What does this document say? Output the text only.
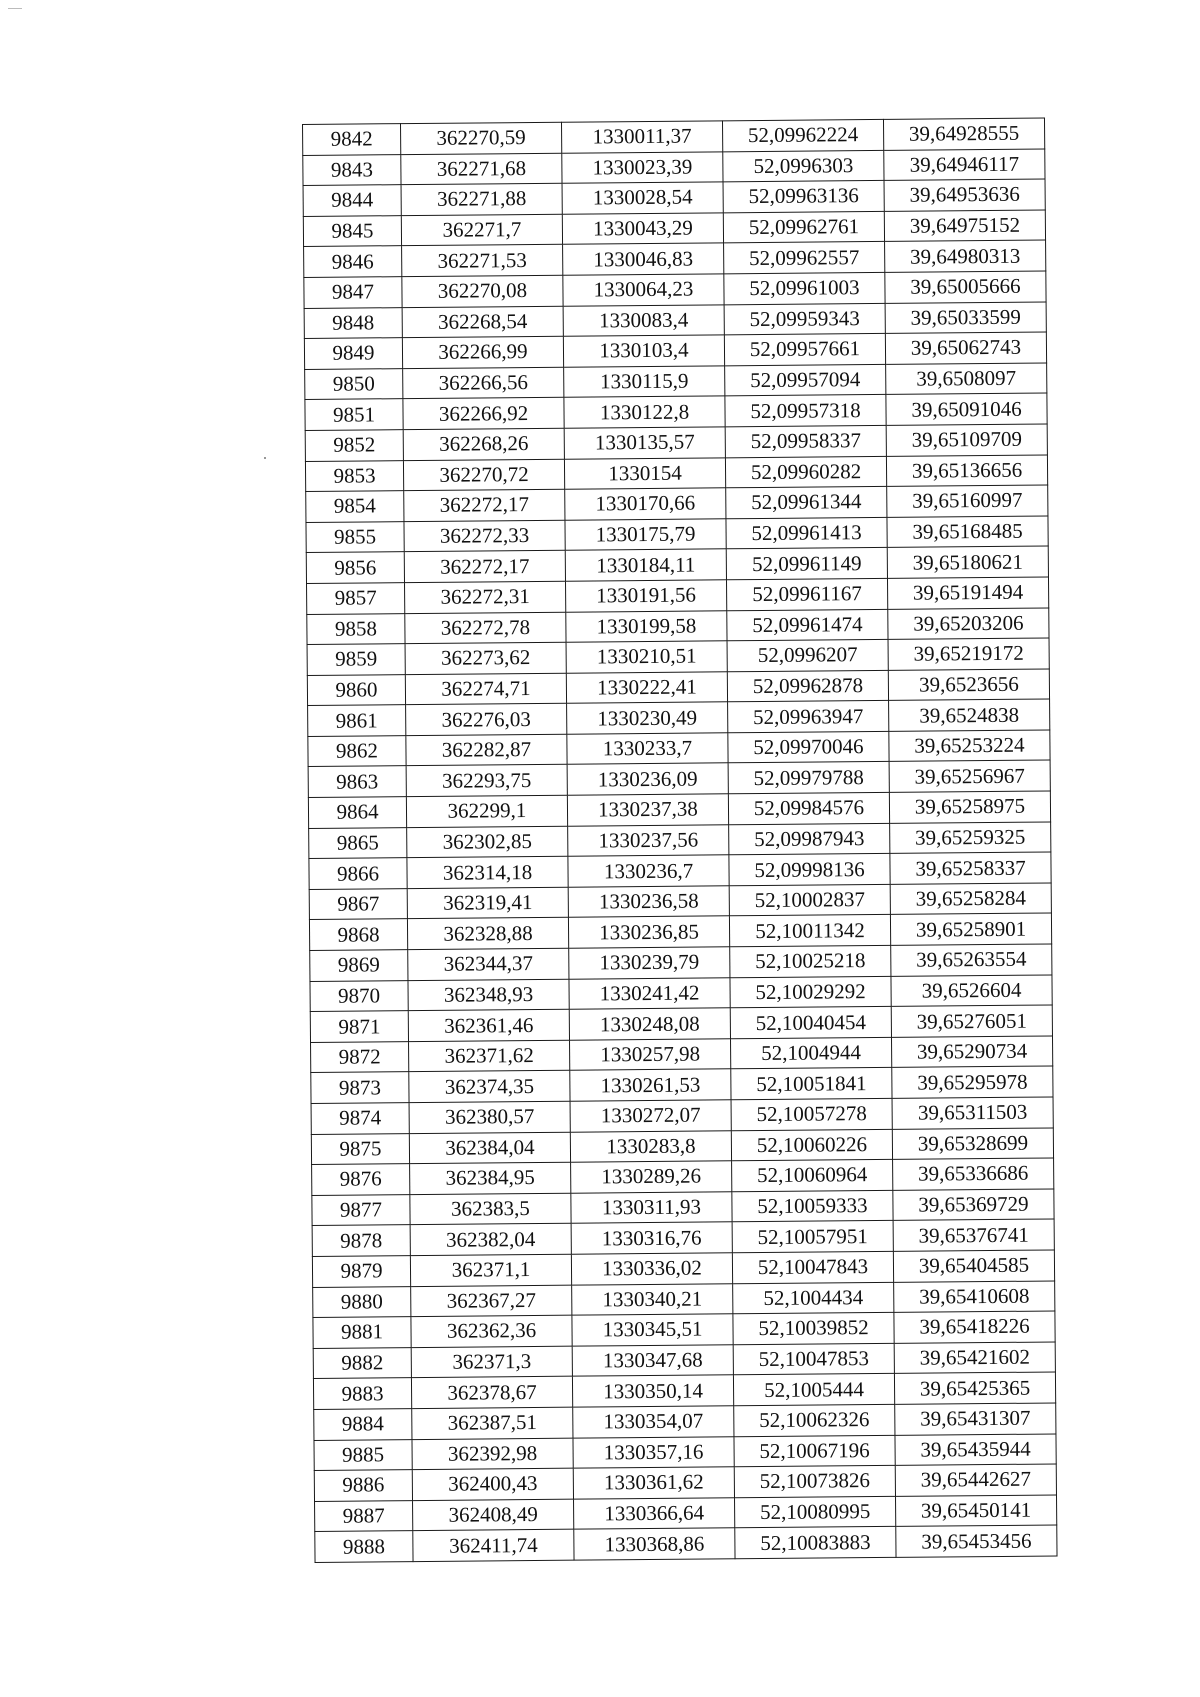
9842	362270,59	1330011,37	52,09962224	39,64928555
9843	362271,68	1330023,39	52,0996303	39,64946117
9844	362271,88	1330028,54	52,09963136	39,64953636
9845	362271,7	1330043,29	52,09962761	39,64975152
9846	362271,53	1330046,83	52,09962557	39,64980313
9847	362270,08	1330064,23	52,09961003	39,65005666
9848	362268,54	1330083,4	52,09959343	39,65033599
9849	362266,99	1330103,4	52,09957661	39,65062743
9850	362266,56	1330115,9	52,09957094	39,6508097
9851	362266,92	1330122,8	52,09957318	39,65091046
9852	362268,26	1330135,57	52,09958337	39,65109709
9853	362270,72	1330154	52,09960282	39,65136656
9854	362272,17	1330170,66	52,09961344	39,65160997
9855	362272,33	1330175,79	52,09961413	39,65168485
9856	362272,17	1330184,11	52,09961149	39,65180621
9857	362272,31	1330191,56	52,09961167	39,65191494
9858	362272,78	1330199,58	52,09961474	39,65203206
9859	362273,62	1330210,51	52,0996207	39,65219172
9860	362274,71	1330222,41	52,09962878	39,6523656
9861	362276,03	1330230,49	52,09963947	39,6524838
9862	362282,87	1330233,7	52,09970046	39,65253224
9863	362293,75	1330236,09	52,09979788	39,65256967
9864	362299,1	1330237,38	52,09984576	39,65258975
9865	362302,85	1330237,56	52,09987943	39,65259325
9866	362314,18	1330236,7	52,09998136	39,65258337
9867	362319,41	1330236,58	52,10002837	39,65258284
9868	362328,88	1330236,85	52,10011342	39,65258901
9869	362344,37	1330239,79	52,10025218	39,65263554
9870	362348,93	1330241,42	52,10029292	39,6526604
9871	362361,46	1330248,08	52,10040454	39,65276051
9872	362371,62	1330257,98	52,1004944	39,65290734
9873	362374,35	1330261,53	52,10051841	39,65295978
9874	362380,57	1330272,07	52,10057278	39,65311503
9875	362384,04	1330283,8	52,10060226	39,65328699
9876	362384,95	1330289,26	52,10060964	39,65336686
9877	362383,5	1330311,93	52,10059333	39,65369729
9878	362382,04	1330316,76	52,10057951	39,65376741
9879	362371,1	1330336,02	52,10047843	39,65404585
9880	362367,27	1330340,21	52,1004434	39,65410608
9881	362362,36	1330345,51	52,10039852	39,65418226
9882	362371,3	1330347,68	52,10047853	39,65421602
9883	362378,67	1330350,14	52,1005444	39,65425365
9884	362387,51	1330354,07	52,10062326	39,65431307
9885	362392,98	1330357,16	52,10067196	39,65435944
9886	362400,43	1330361,62	52,10073826	39,65442627
9887	362408,49	1330366,64	52,10080995	39,65450141
9888	362411,74	1330368,86	52,10083883	39,65453456
